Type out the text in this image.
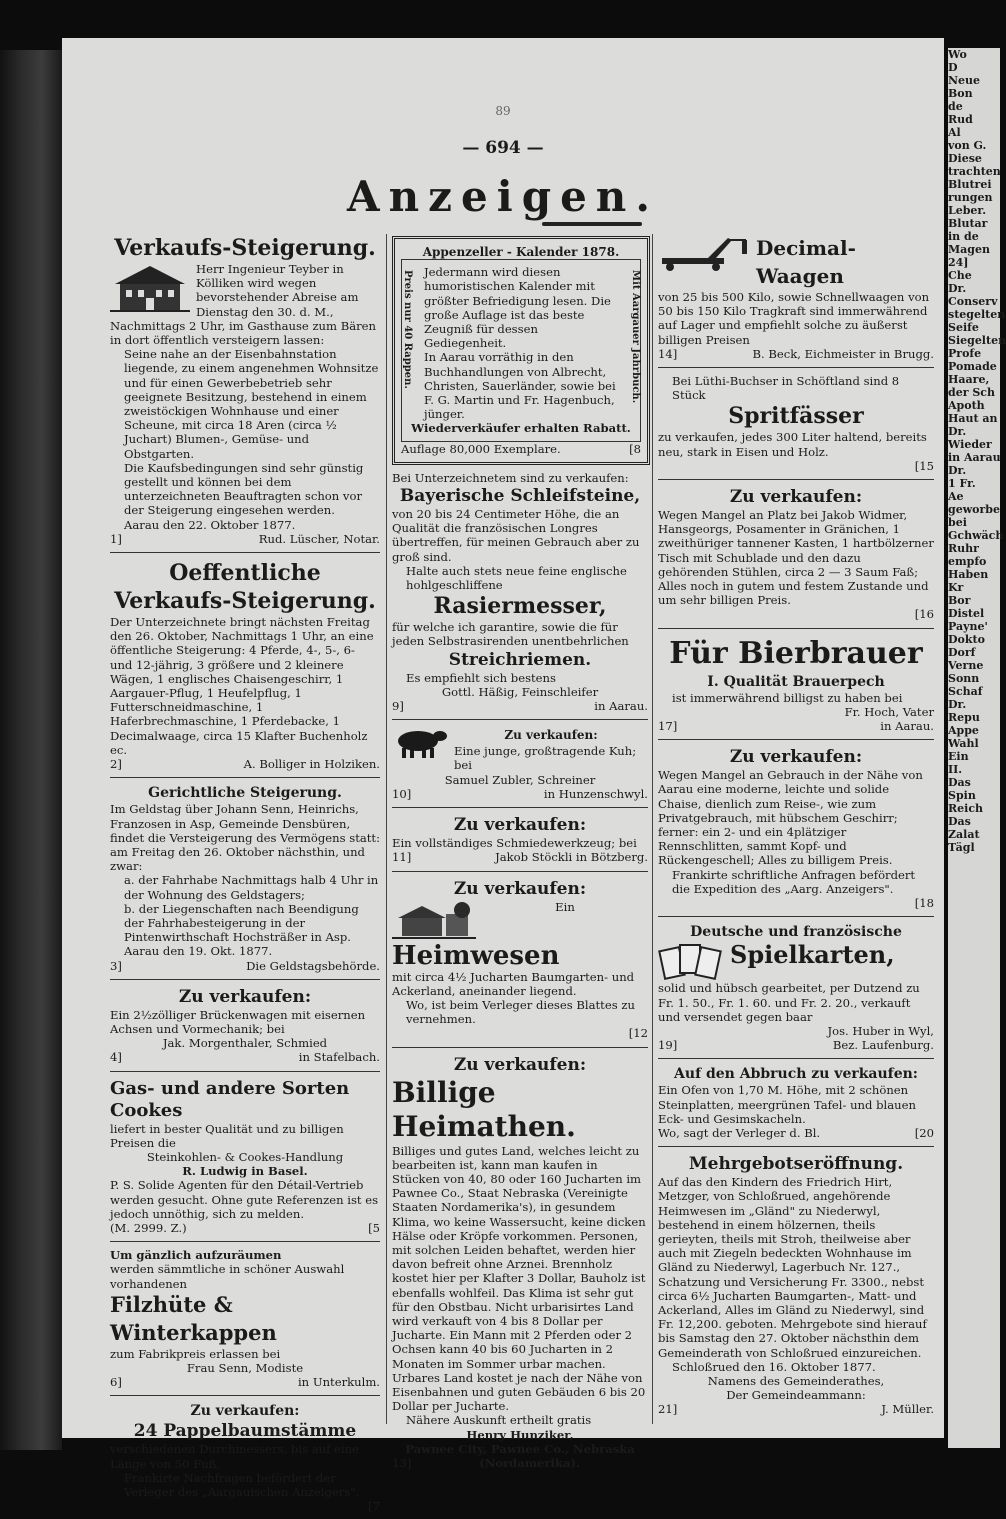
89
— 694 —
Anzeigen.
Verkaufs-Steigerung.
Herr Ingenieur Teyber in Kölliken wird wegen bevorstehender Abreise am Dienstag den 30. d. M., Nachmittags 2 Uhr, im Gasthause zum Bären in dort öffentlich versteigern lassen:
Seine nahe an der Eisenbahnstation liegende, zu einem angenehmen Wohnsitze und für einen Gewerbebetrieb sehr geeignete Besitzung, bestehend in einem zweistöckigen Wohnhause und einer Scheune, mit circa 18 Aren (circa ½ Juchart) Blumen-, Gemüse- und Obstgarten.
Die Kaufsbedingungen sind sehr günstig gestellt und können bei dem unterzeichneten Beauftragten schon vor der Steigerung eingesehen werden.
Aarau den 22. Oktober 1877.
1]	Rud. Lüscher, Notar.
Oeffentliche Verkaufs-Steigerung.
Der Unterzeichnete bringt nächsten Freitag den 26. Oktober, Nachmittags 1 Uhr, an eine öffentliche Steigerung: 4 Pferde, 4-, 5-, 6- und 12-jährig, 3 größere und 2 kleinere Wägen, 1 englisches Chaisengeschirr, 1 Aargauer-Pflug, 1 Heufelpflug, 1 Futterschneidmaschine, 1 Haferbrechmaschine, 1 Pferdebacke, 1 Decimalwaage, circa 15 Klafter Buchenholz ec.
2]	A. Bolliger in Holziken.
Gerichtliche Steigerung.
Im Geldstag über Johann Senn, Heinrichs, Franzosen in Asp, Gemeinde Densbüren, findet die Versteigerung des Vermögens statt: am Freitag den 26. Oktober nächsthin, und zwar:
a. der Fahrhabe Nachmittags halb 4 Uhr in der Wohnung des Geldstagers;
b. der Liegenschaften nach Beendigung der Fahrhabesteigerung in der Pintenwirthschaft Hochsträßer in Asp.
Aarau den 19. Okt. 1877.
3]	Die Geldstagsbehörde.
Zu verkaufen:
Ein 2½zölliger Brückenwagen mit eisernen Achsen und Vormechanik; bei
Jak. Morgenthaler, Schmied
4]	in Stafelbach.
Gas- und andere Sorten Cookes
liefert in bester Qualität und zu billigen Preisen die
Steinkohlen- & Cookes-Handlung
R. Ludwig in Basel.
P. S. Solide Agenten für den Détail-Vertrieb werden gesucht. Ohne gute Referenzen ist es jedoch unnöthig, sich zu melden.
(M. 2999. Z.)	[5
Um gänzlich aufzuräumen
werden sämmtliche in schöner Auswahl vorhandenen
Filzhüte & Winterkappen
zum Fabrikpreis erlassen bei
Frau Senn, Modiste
6]	in Unterkulm.
Zu verkaufen:
24 Pappelbaumstämme
verschiedenen Durchmessers, bis auf eine Länge von 50 Fuß.
Frankirte Nachfragen befördert der Verleger des „Aargauischen Anzeigers".
[7
Appenzeller - Kalender 1878.
Preis nur 40 Rappen.	Mit Aargauer Jahrbuch.
Jedermann wird diesen humoristischen Kalender mit größter Befriedigung lesen. Die große Auflage ist das beste Zeugniß für dessen Gediegenheit.
In Aarau vorräthig in den Buchhandlungen von Albrecht, Christen, Sauerländer, sowie bei F. G. Martin und Fr. Hagenbuch, jünger.
Wiederverkäufer erhalten Rabatt.
Auflage 80,000 Exemplare.	[8
Bei Unterzeichnetem sind zu verkaufen:
Bayerische Schleifsteine,
von 20 bis 24 Centimeter Höhe, die an Qualität die französischen Longres übertreffen, für meinen Gebrauch aber zu groß sind.
Halte auch stets neue feine englische hohlgeschliffene
Rasiermesser,
für welche ich garantire, sowie die für jeden Selbstrasirenden unentbehrlichen
Streichriemen.
Es empfiehlt sich bestens
Gottl. Häßig, Feinschleifer
9]	in Aarau.
Zu verkaufen:
Eine junge, großtragende Kuh; bei
Samuel Zubler, Schreiner
10]	in Hunzenschwyl.
Zu verkaufen:
Ein vollständiges Schmiedewerkzeug; bei
11]	Jakob Stöckli in Bötzberg.
Zu verkaufen:
Ein
Heimwesen
mit circa 4½ Jucharten Baumgarten- und Ackerland, aneinander liegend.
Wo, ist beim Verleger dieses Blattes zu vernehmen.
[12
Zu verkaufen:
Billige Heimathen.
Billiges und gutes Land, welches leicht zu bearbeiten ist, kann man kaufen in Stücken von 40, 80 oder 160 Jucharten im Pawnee Co., Staat Nebraska (Vereinigte Staaten Nordamerika's), in gesundem Klima, wo keine Wassersucht, keine dicken Hälse oder Kröpfe vorkommen. Personen, mit solchen Leiden behaftet, werden hier davon befreit ohne Arznei. Brennholz kostet hier per Klafter 3 Dollar, Bauholz ist ebenfalls wohlfeil. Das Klima ist sehr gut für den Obstbau. Nicht urbarisirtes Land wird verkauft von 4 bis 8 Dollar per Jucharte. Ein Mann mit 2 Pferden oder 2 Ochsen kann 40 bis 60 Jucharten in 2 Monaten im Sommer urbar machen. Urbares Land kostet je nach der Nähe von Eisenbahnen und guten Gebäuden 6 bis 20 Dollar per Jucharte.
Nähere Auskunft ertheilt gratis
Henry Hunziker,
Pawnee City, Pawnee Co., Nebraska
13]	(Nordamerika).
Decimal-Waagen
von 25 bis 500 Kilo, sowie Schnellwaagen von 50 bis 150 Kilo Tragkraft sind immerwährend auf Lager und empfiehlt solche zu äußerst billigen Preisen
14]	B. Beck, Eichmeister in Brugg.
Bei Lüthi-Buchser in Schöftland sind 8 Stück
Spritfässer
zu verkaufen, jedes 300 Liter haltend, bereits neu, stark in Eisen und Holz.
[15
Zu verkaufen:
Wegen Mangel an Platz bei Jakob Widmer, Hansgeorgs, Posamenter in Gränichen, 1 zweithüriger tannener Kasten, 1 hartbölzerner Tisch mit Schublade und den dazu gehörenden Stühlen, circa 2 — 3 Saum Faß; Alles noch in gutem und festem Zustande und um sehr billigen Preis.
[16
Für Bierbrauer
I. Qualität Brauerpech
ist immerwährend billigst zu haben bei
Fr. Hoch, Vater
17]	in Aarau.
Zu verkaufen:
Wegen Mangel an Gebrauch in der Nähe von Aarau eine moderne, leichte und solide Chaise, dienlich zum Reise-, wie zum Privatgebrauch, mit hübschem Geschirr; ferner: ein 2- und ein 4plätziger Rennschlitten, sammt Kopf- und Rückengeschell; Alles zu billigem Preis.
Frankirte schriftliche Anfragen befördert die Expedition des „Aarg. Anzeigers".
[18
Deutsche und französische
Spielkarten,
solid und hübsch gearbeitet, per Dutzend zu Fr. 1. 50., Fr. 1. 60. und Fr. 2. 20., verkauft und versendet gegen baar
Jos. Huber in Wyl,
19]	Bez. Laufenburg.
Auf den Abbruch zu verkaufen:
Ein Ofen von 1,70 M. Höhe, mit 2 schönen Steinplatten, meergrünen Tafel- und blauen Eck- und Gesimskacheln.
Wo, sagt der Verleger d. Bl.	[20
Mehrgebotseröffnung.
Auf das den Kindern des Friedrich Hirt, Metzger, von Schloßrued, angehörende Heimwesen im „Gländ" zu Niederwyl, bestehend in einem hölzernen, theils gerieyten, theils mit Stroh, theilweise aber auch mit Ziegeln bedeckten Wohnhause im Gländ zu Niederwyl, Lagerbuch Nr. 127., Schatzung und Versicherung Fr. 3300., nebst circa 6½ Jucharten Baumgarten-, Matt- und Ackerland, Alles im Gländ zu Niederwyl, sind Fr. 12,200. geboten. Mehrgebote sind hierauf bis Samstag den 27. Oktober nächsthin dem Gemeinderath von Schloßrued einzureichen.
Schloßrued den 16. Oktober 1877.
Namens des Gemeinderathes,
Der Gemeindeammann:
21]	J. Müller.
Wo
D
Neue
Bon
de
Rud
Al
von G.
Diese
trachten
Blutrei
rungen
Leber.
Blutar
in de
Magen
24]
Che
Dr.
Conserv
stegelten
Seife
Siegelten
Profe
Pomade
Haare,
der Sch
Apoth
Haut an
Dr.
Wieder
in Aarau
Dr.
1 Fr.
Ae
geworbe
bei
Gchwäch
Ruhr
empfo
Haben
Kr
Bor
Distel
Payne'
Dokto
Dorf
Verne
Sonn
Schaf
Dr.
Repu
Appe
Wahl
Ein
II.
Das
Spin
Reich
Das
Zalat
Tägl
